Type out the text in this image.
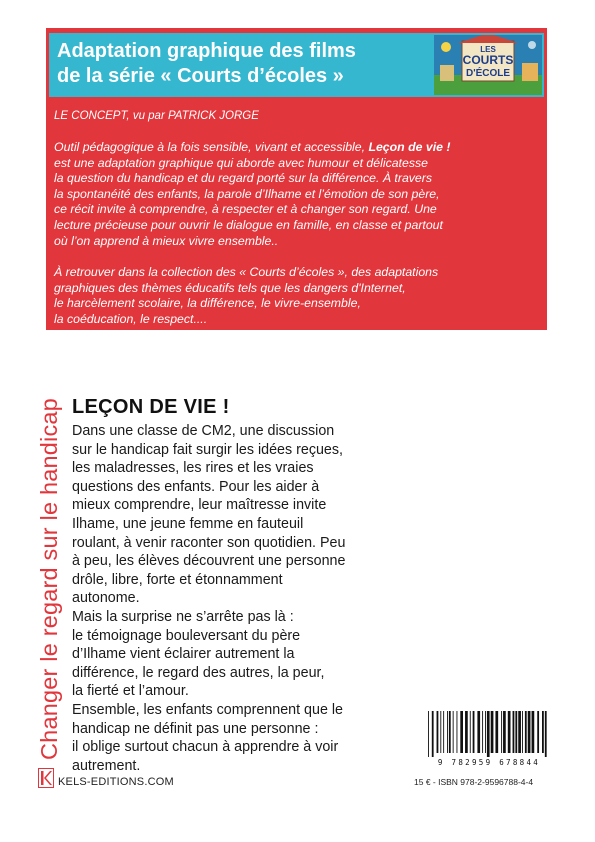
Adaptation graphique des films
de la série « Courts d’écoles »
LES
COURTS
D'ÉCOLE
LE CONCEPT, vu par PATRICK JORGE

Outil pédagogique à la fois sensible, vivant et accessible, Leçon de vie !
est une adaptation graphique qui aborde avec humour et délicatesse
la question du handicap et du regard porté sur la différence. À travers
la spontanéité des enfants, la parole d’Ilhame et l’émotion de son père,
ce récit invite à comprendre, à respecter et à changer son regard. Une
lecture précieuse pour ouvrir le dialogue en famille, en classe et partout
où l’on apprend à mieux vivre ensemble..

À retrouver dans la collection des « Courts d’écoles », des adaptations
graphiques des thèmes éducatifs tels que les dangers d'Internet,
le harcèlement scolaire, la différence, le vivre-ensemble,
la coéducation, le respect....

Changer le regard sur le handicap LEÇON DE VIE !

Dans une classe de CM2, une discussion

sur le handicap fait surgir les idées reçues,

les maladresses, les rires et les vraies

questions des enfants. Pour les aider à

mieux comprendre, leur maîtresse invite

Ilhame, une jeune femme en fauteuil

roulant, à venir raconter son quotidien. Peu

à peu, les élèves découvrent une personne

drôle, libre, forte et étonnamment

autonome.

Mais la surprise ne s’arrête pas là :

le témoignage bouleversant du père

d’Ilhame vient éclairer autrement la

différence, le regard des autres, la peur,

la fierté et l’amour.

Ensemble, les enfants comprennent que le

handicap ne définit pas une personne :

il oblige surtout chacun à apprendre à voir

autrement.

KELS-EDITIONS.COM
9 782959 678844
15 € - ISBN 978-2-9596788-4-4
